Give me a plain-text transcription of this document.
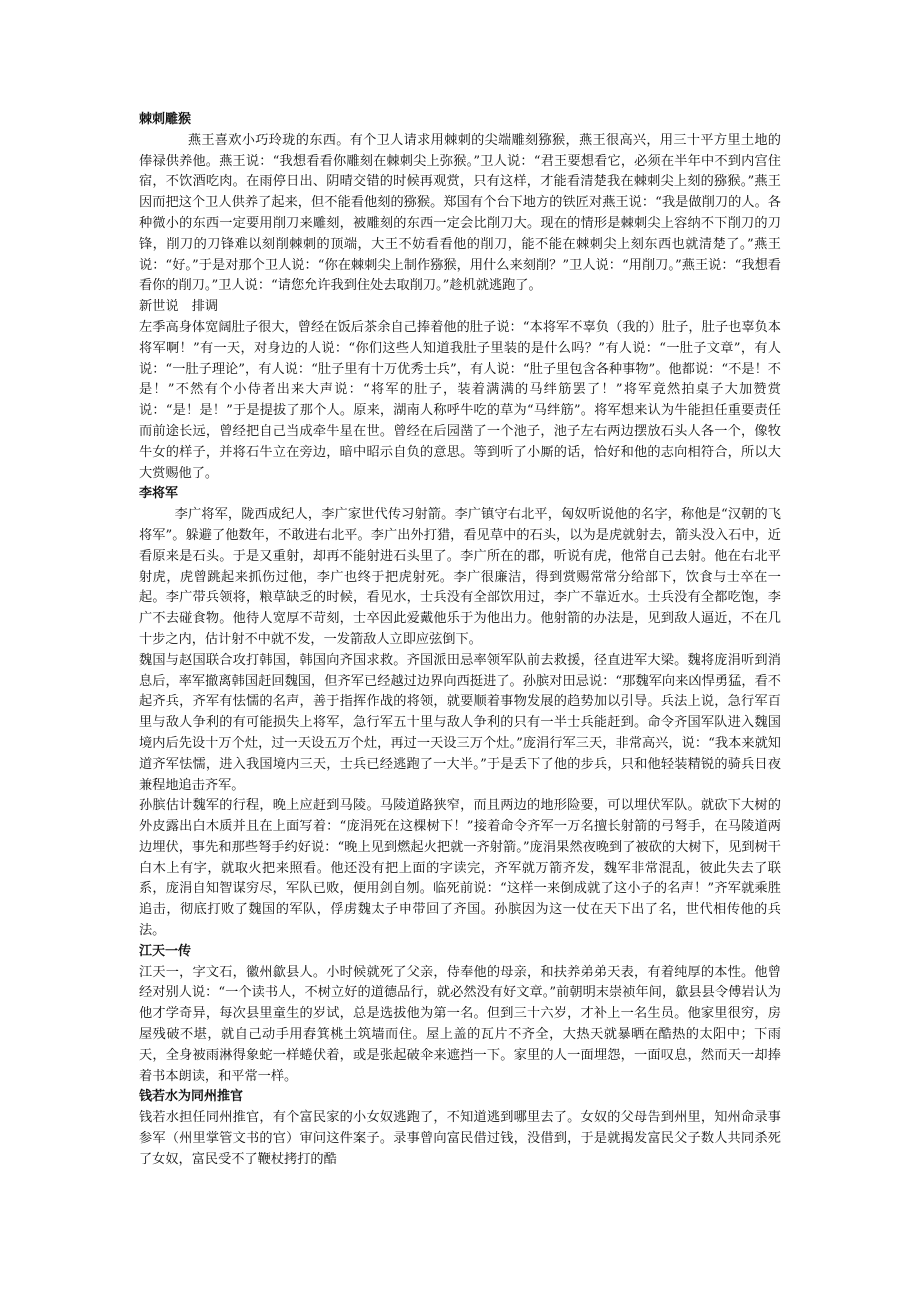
棘刺雕猴

燕王喜欢小巧玲珑的东西。有个卫人请求用棘刺的尖端雕刻猕猴，燕王很高兴，用三十平方里土地的俸禄供养他。燕王说：“我想看看你雕刻在棘刺尖上弥猴。”卫人说：“君王要想看它，必须在半年中不到内宫住宿，不饮酒吃肉。在雨停日出、阴晴交错的时候再观赏，只有这样，才能看清楚我在棘刺尖上刻的猕猴。”燕王因而把这个卫人供养了起来，但不能看他刻的猕猴。郑国有个台下地方的铁匠对燕王说：“我是做削刀的人。各种微小的东西一定要用削刀来雕刻，被雕刻的东西一定会比削刀大。现在的情形是棘刺尖上容纳不下削刀的刀锋，削刀的刀锋难以刻削棘刺的顶端，大王不妨看看他的削刀，能不能在棘刺尖上刻东西也就清楚了。”燕王说：“好。”于是对那个卫人说：“你在棘刺尖上制作猕猴，用什么来刻削？”卫人说：“用削刀。”燕王说：“我想看看你的削刀。”卫人说：“请您允许我到住处去取削刀。”趁机就逃跑了。

新世说　排调

左季高身体宽阔肚子很大，曾经在饭后茶余自己捧着他的肚子说：“本将军不辜负（我的）肚子，肚子也辜负本将军啊！”有一天，对身边的人说：“你们这些人知道我肚子里装的是什么吗？”有人说：“一肚子文章”，有人说：“一肚子理论”，有人说：“肚子里有十万优秀士兵”，有人说：“肚子里包含各种事物”。他都说：“不是！不是！”不然有个小侍者出来大声说：“将军的肚子，装着满满的马绊筋罢了！”将军竟然拍桌子大加赞赏说：“是！是！”于是提拔了那个人。原来，湖南人称呼牛吃的草为“马绊筋”。将军想来认为牛能担任重要责任而前途长远，曾经把自己当成牵牛星在世。曾经在后园凿了一个池子，池子左右两边摆放石头人各一个，像牧牛女的样子，并将石牛立在旁边，暗中昭示自负的意思。等到听了小厮的话，恰好和他的志向相符合，所以大大赏赐他了。

李将军

李广将军，陇西成纪人，李广家世代传习射箭。李广镇守右北平，匈奴听说他的名字，称他是“汉朝的飞将军”。躲避了他数年，不敢进右北平。李广出外打猎，看见草中的石头，以为是虎就射去，箭头没入石中，近看原来是石头。于是又重射，却再不能射进石头里了。李广所在的郡，听说有虎，他常自己去射。他在右北平射虎，虎曾跳起来抓伤过他，李广也终于把虎射死。李广很廉洁，得到赏赐常常分给部下，饮食与士卒在一起。李广带兵领将，粮草缺乏的时候，看见水，士兵没有全部饮用过，李广不靠近水。士兵没有全都吃饱，李广不去碰食物。他待人宽厚不苛刻，士卒因此爱戴他乐于为他出力。他射箭的办法是，见到敌人逼近，不在几十步之内，估计射不中就不发，一发箭敌人立即应弦倒下。

魏国与赵国联合攻打韩国，韩国向齐国求救。齐国派田忌率领军队前去救援，径直进军大梁。魏将庞涓听到消息后，率军撤离韩国赶回魏国，但齐军已经越过边界向西挺进了。孙膑对田忌说：“那魏军向来凶悍勇猛，看不起齐兵，齐军有怯懦的名声，善于指挥作战的将领，就要顺着事物发展的趋势加以引导。兵法上说，急行军百里与敌人争利的有可能损失上将军，急行军五十里与敌人争利的只有一半士兵能赶到。命令齐国军队进入魏国境内后先设十万个灶，过一天设五万个灶，再过一天设三万个灶。”庞涓行军三天，非常高兴，说：“我本来就知道齐军怯懦，进入我国境内三天，士兵已经逃跑了一大半。”于是丢下了他的步兵，只和他轻装精锐的骑兵日夜兼程地追击齐军。

孙膑估计魏军的行程，晚上应赶到马陵。马陵道路狭窄，而且两边的地形险要，可以埋伏军队。就砍下大树的外皮露出白木质并且在上面写着：“庞涓死在这棵树下！”接着命令齐军一万名擅长射箭的弓弩手，在马陵道两边埋伏，事先和那些弩手约好说：“晚上见到燃起火把就一齐射箭。”庞涓果然夜晚到了被砍的大树下，见到树干白木上有字，就取火把来照看。他还没有把上面的字读完，齐军就万箭齐发，魏军非常混乱，彼此失去了联系，庞涓自知智谋穷尽，军队已败，便用剑自刎。临死前说：“这样一来倒成就了这小子的名声！”齐军就乘胜追击，彻底打败了魏国的军队，俘虏魏太子申带回了齐国。孙膑因为这一仗在天下出了名，世代相传他的兵法。

江天一传

江天一，字文石，徽州歙县人。小时候就死了父亲，侍奉他的母亲，和扶养弟弟天表，有着纯厚的本性。他曾经对别人说：“一个读书人，不树立好的道德品行，就必然没有好文章。”前朝明末崇祯年间，歙县县令傅岩认为他才学奇异，每次县里童生的岁试，总是选拔他为第一名。但到三十六岁，才补上一名生员。他家里很穷，房屋残破不堪，就自己动手用舂箕桃土筑墙而住。屋上盖的瓦片不齐全，大热天就暴晒在酷热的太阳中；下雨天，全身被雨淋得象蛇一样蜷伏着，或是张起破伞来遮挡一下。家里的人一面埋怨，一面叹息，然而天一却捧着书本朗读，和平常一样。

钱若水为同州推官

钱若水担任同州推官，有个富民家的小女奴逃跑了，不知道逃到哪里去了。女奴的父母告到州里，知州命录事参军（州里掌管文书的官）审问这件案子。录事曾向富民借过钱，没借到，于是就揭发富民父子数人共同杀死了女奴，富民受不了鞭杖拷打的酷
